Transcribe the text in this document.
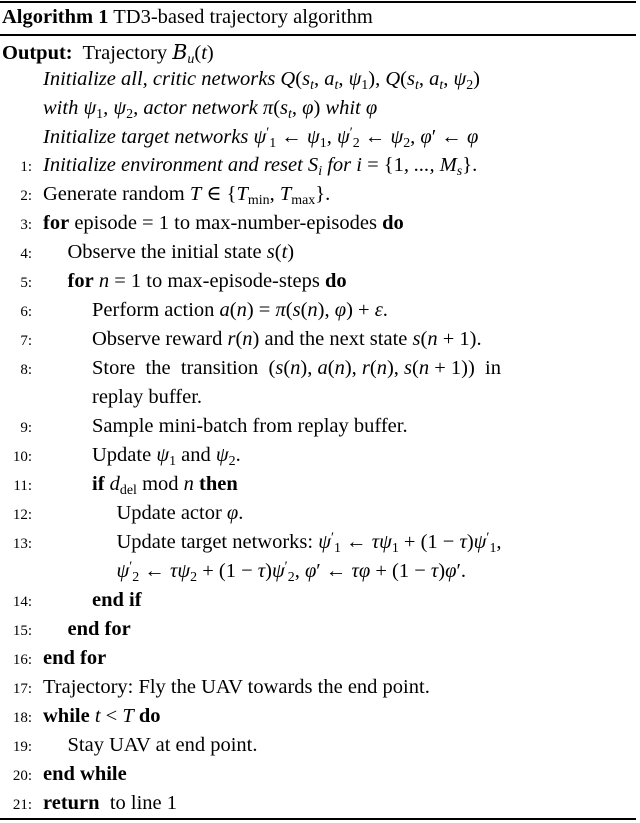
Algorithm 1 TD3-based trajectory algorithm
Output: Trajectory $B_u(t)$
Initialize all, critic networks $Q(s_t$, $a_t$, $\psi_1$), $Q(s_t$, $a_t$, $\psi_2$)
with $\psi_1$, $\psi_2$, actor network $\pi(s_t$, φ) whit φ
Initialize target networks $\psi'_1$ ← $\psi_1$, $\psi'_2$ ← $\psi_2$, φ′ ← φ
1: Initialize environment and reset $S_i$ for i = {1, ..., $M_s$}.
2: Generate random T ∈ {$T_{min}$, $T_{max}$}.
3: for episode = 1 to max-number-episodes do
4: Observe the initial state s(t)
5: for n = 1 to max-episode-steps do
6:	Perform action a(n) = π(s(n), φ) + ε.
7:	Observe reward r(n) and the next state s(n + 1).
8:	Store  the  transition  (s(n), a(n), r(n), s(n + 1))  in
replay buffer.
9:	Sample mini-batch from replay buffer.
10:	Update $\psi_1$ and $\psi_2$.
11:	if $d_{del}$ mod n then
12:	Update actor φ.
13:	Update target networks: $\psi'_1$ ← $\tau\psi_1 + (1 - \tau)\psi'_1$,
$\psi'_2$ ← $\tau\psi_2 + (1 - \tau)\psi'_2$, φ′ ← τφ + (1 − τ)φ′.
14:	end if
15: end for
16: end for
17: Trajectory: Fly the UAV towards the end point.
18: while t < T do
19: Stay UAV at end point.
20: end while
21: return  to line 1
